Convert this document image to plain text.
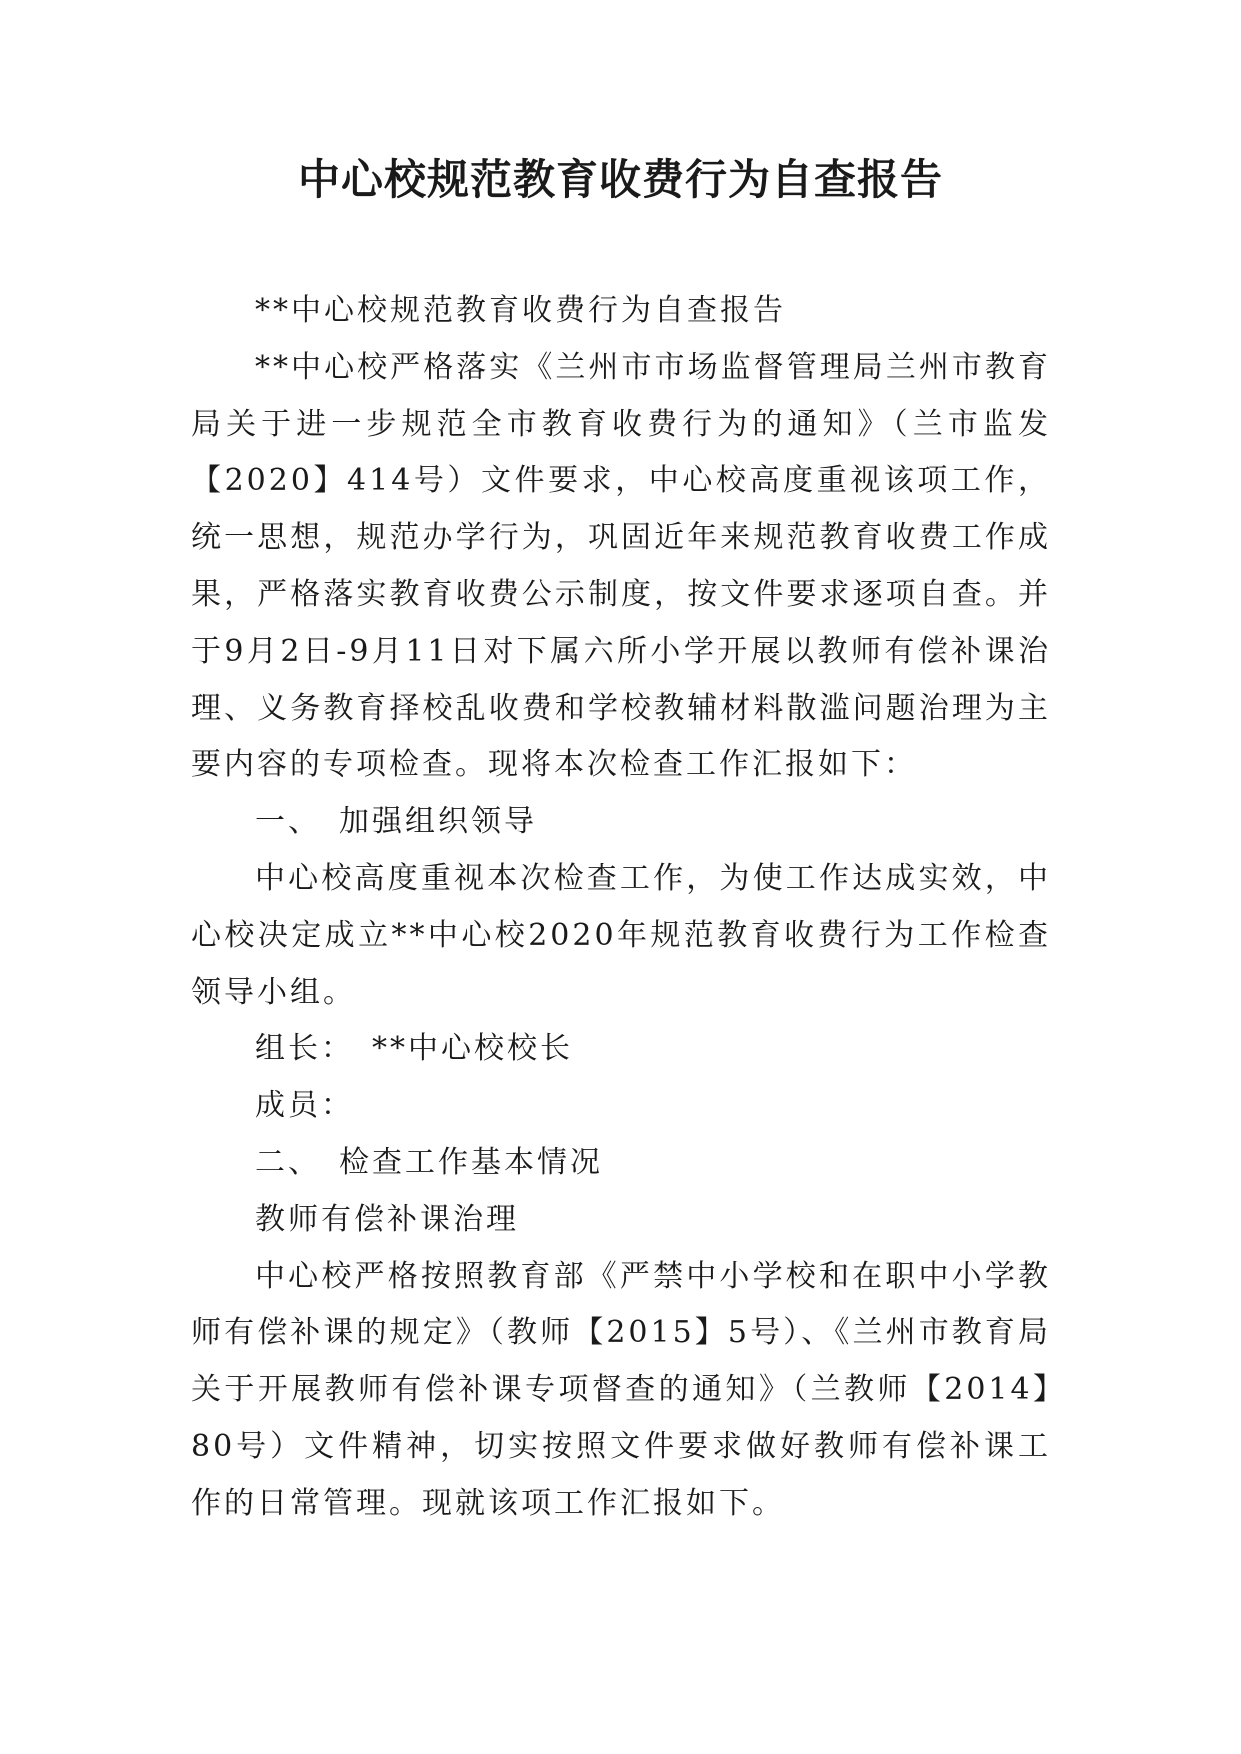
中心校规范教育收费行为自查报告

**中心校规范教育收费行为自查报告

**中心校严格落实《兰州市市场监督管理局兰州市教育局关于进一步规范全市教育收费行为的通知》（兰市监发【2020】414号）文件要求，中心校高度重视该项工作，统一思想，规范办学行为，巩固近年来规范教育收费工作成果，严格落实教育收费公示制度，按文件要求逐项自查。并于9月2日-9月11日对下属六所小学开展以教师有偿补课治理、义务教育择校乱收费和学校教辅材料散滥问题治理为主要内容的专项检查。现将本次检查工作汇报如下：

一、　加强组织领导

中心校高度重视本次检查工作，为使工作达成实效，中心校决定成立**中心校2020年规范教育收费行为工作检查领导小组。

组长：　**中心校校长

成员：

二、　检查工作基本情况

教师有偿补课治理

中心校严格按照教育部《严禁中小学校和在职中小学教师有偿补课的规定》（教师【2015】5号）、《兰州市教育局关于开展教师有偿补课专项督查的通知》（兰教师【2014】80号）文件精神，切实按照文件要求做好教师有偿补课工作的日常管理。现就该项工作汇报如下。
